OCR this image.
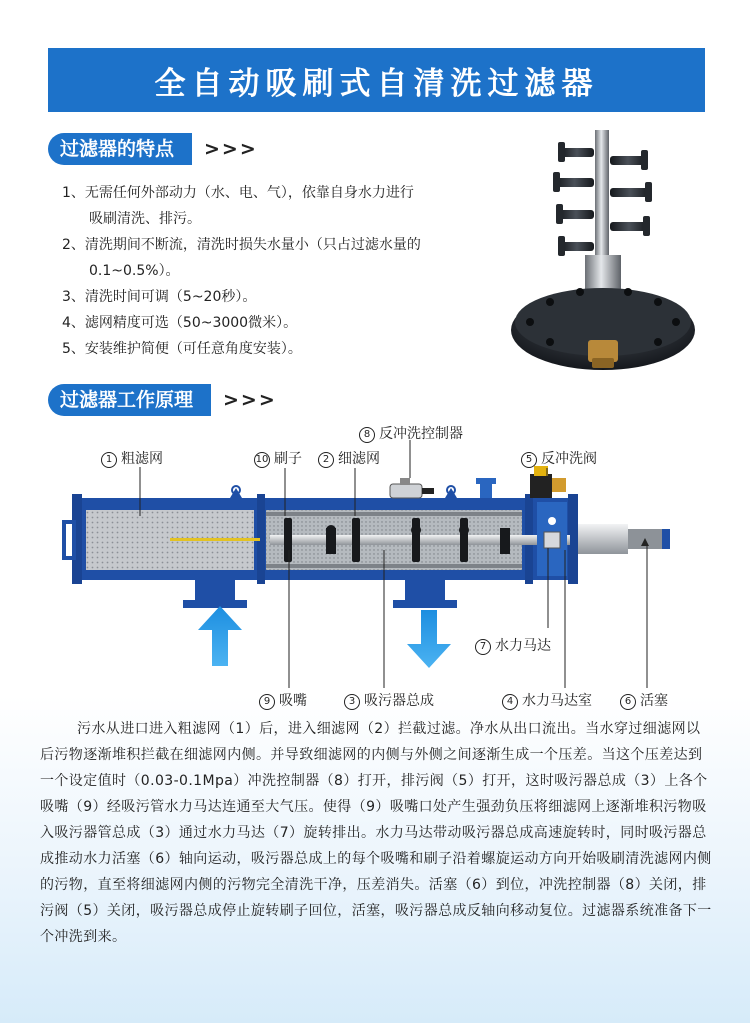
全自动吸刷式自清洗过滤器
过滤器的特点	>>>
1、无需任何外部动力（水、电、气），依靠自身水力进行
吸刷清洗、排污。
2、清洗期间不断流，清洗时损失水量小（只占过滤水量的
0.1~0.5%）。
3、清洗时间可调（5~20秒）。
4、滤网精度可选（50~3000微米）。
5、安装维护简便（可任意角度安装）。
过滤器工作原理	>>>
1 粗滤网	10 刷子	2 细滤网
8 反冲洗控制器
5 反冲洗阀
7 水力马达
9 吸嘴	3 吸污器总成	4 水力马达室	6 活塞

污水从进口进入粗滤网（1）后，进入细滤网（2）拦截过滤。净水从出口流出。当水穿过细滤网以后污物逐渐堆积拦截在细滤网内侧。并导致细滤网的内侧与外侧之间逐渐生成一个压差。当这个压差达到一个设定值时（0.03-0.1Mpa）冲洗控制器（8）打开，排污阀（5）打开，这时吸污器总成（3）上各个吸嘴（9）经吸污管水力马达连通至大气压。使得（9）吸嘴口处产生强劲负压将细滤网上逐渐堆积污物吸入吸污器管总成（3）通过水力马达（7）旋转排出。水力马达带动吸污器总成高速旋转时，同时吸污器总成推动水力活塞（6）轴向运动，吸污器总成上的每个吸嘴和刷子沿着螺旋运动方向开始吸刷清洗滤网内侧的污物，直至将细滤网内侧的污物完全清洗干净，压差消失。活塞（6）到位，冲洗控制器（8）关闭，排污阀（5）关闭，吸污器总成停止旋转刷子回位，活塞，吸污器总成反轴向移动复位。过滤器系统准备下一个冲洗到来。
